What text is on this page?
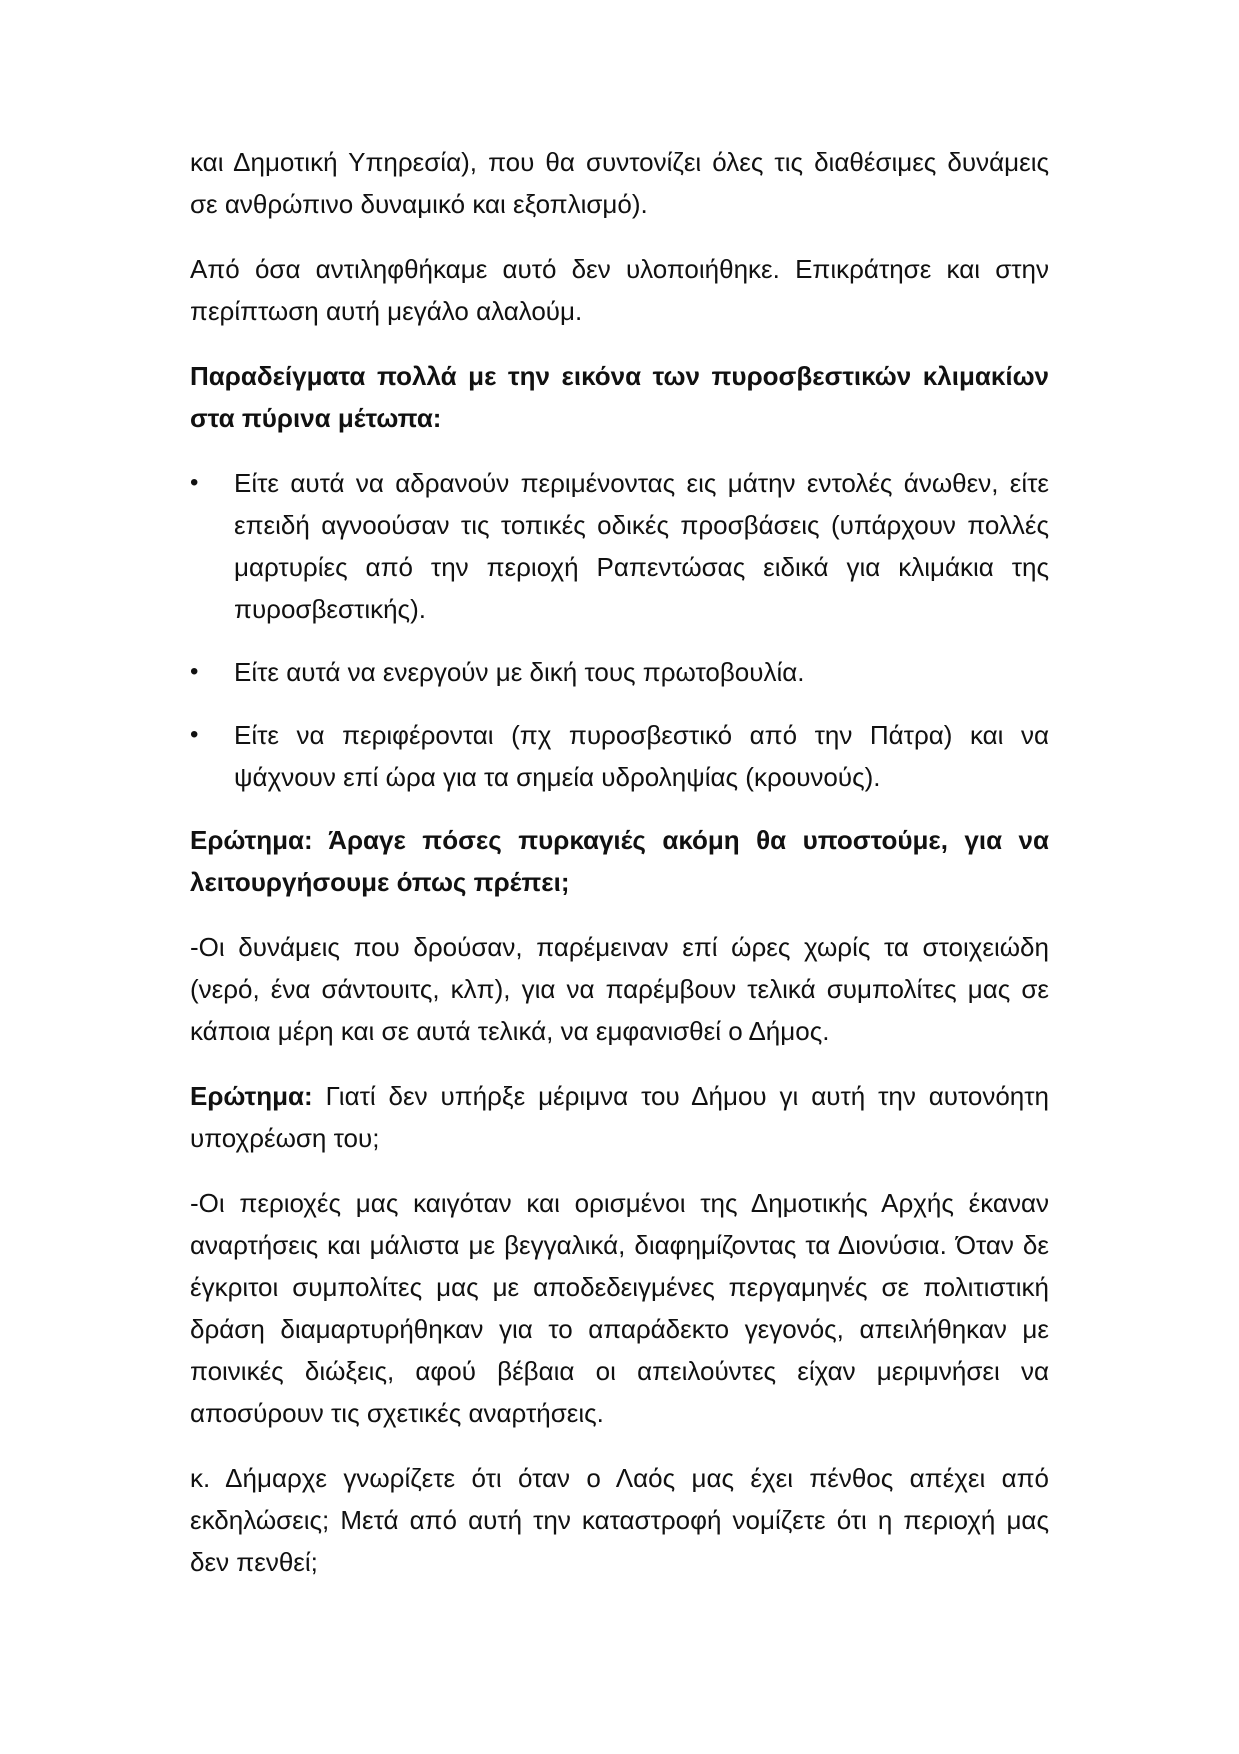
και Δημοτική Υπηρεσία), που θα συντονίζει όλες τις διαθέσιμες δυνάμεις σε ανθρώπινο δυναμικό και εξοπλισμό).

Από όσα αντιληφθήκαμε αυτό δεν υλοποιήθηκε. Επικράτησε και στην περίπτωση αυτή μεγάλο αλαλούμ.

Παραδείγματα πολλά με την εικόνα των πυροσβεστικών κλιμακίων στα πύρινα μέτωπα:

•	Είτε αυτά να αδρανούν περιμένοντας εις μάτην εντολές άνωθεν, είτε επειδή αγνοούσαν τις τοπικές οδικές προσβάσεις (υπάρχουν πολλές μαρτυρίες από την περιοχή Ραπεντώσας ειδικά για κλιμάκια της πυροσβεστικής).
•	Είτε αυτά να ενεργούν με δική τους πρωτοβουλία.
•	Είτε να περιφέρονται (πχ πυροσβεστικό από την Πάτρα) και να ψάχνουν επί ώρα για τα σημεία υδροληψίας (κρουνούς).

Ερώτημα: Άραγε πόσες πυρκαγιές ακόμη θα υποστούμε, για να λειτουργήσουμε όπως πρέπει;

-Οι δυνάμεις που δρούσαν, παρέμειναν επί ώρες χωρίς τα στοιχειώδη (νερό, ένα σάντουιτς, κλπ), για να παρέμβουν τελικά συμπολίτες μας σε κάποια μέρη και σε αυτά τελικά, να εμφανισθεί ο Δήμος.

Ερώτημα: Γιατί δεν υπήρξε μέριμνα του Δήμου γι αυτή την αυτονόητη υποχρέωση του;

-Οι περιοχές μας καιγόταν και ορισμένοι της Δημοτικής Αρχής έκαναν αναρτήσεις και μάλιστα με βεγγαλικά, διαφημίζοντας τα Διονύσια. Όταν δε έγκριτοι συμπολίτες μας με αποδεδειγμένες περγαμηνές σε πολιτιστική δράση διαμαρτυρήθηκαν για το απαράδεκτο γεγονός, απειλήθηκαν με ποινικές διώξεις, αφού βέβαια οι απειλούντες είχαν μεριμνήσει να αποσύρουν τις σχετικές αναρτήσεις.

κ. Δήμαρχε γνωρίζετε ότι όταν ο Λαός μας έχει πένθος απέχει από εκδηλώσεις; Μετά από αυτή την καταστροφή νομίζετε ότι η περιοχή μας δεν πενθεί;
